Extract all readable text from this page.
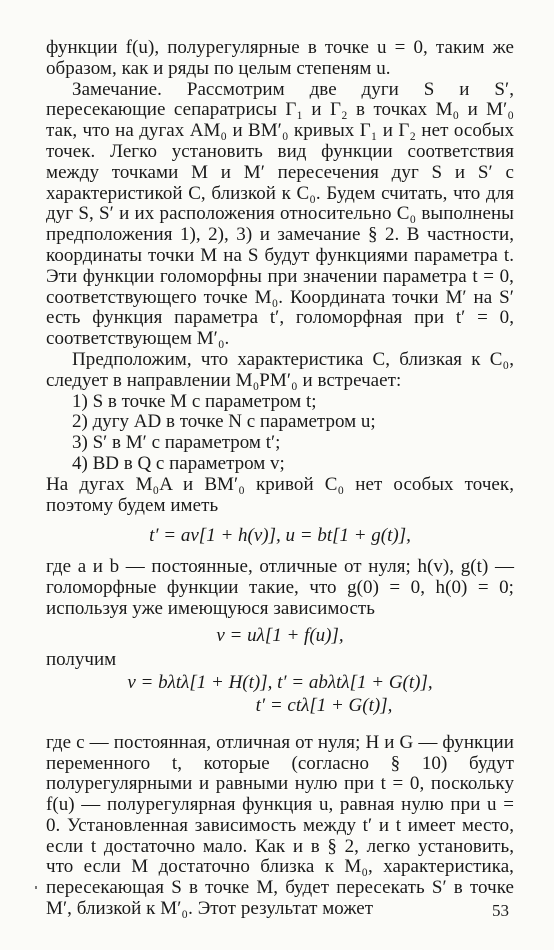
функции f(u), полурегулярные в точке u = 0, таким же образом, как и ряды по целым степеням u.

Замечание. Рассмотрим две дуги S и S′, пересекающие сепаратрисы Γ₁ и Γ₂ в точках M₀ и M′₀ так, что на дугах AM₀ и BM′₀ кривых Γ₁ и Γ₂ нет особых точек. Легко установить вид функции соответствия между точками M и M′ пересечения дуг S и S′ с характеристикой C, близкой к C₀. Будем считать, что для дуг S, S′ и их расположения относительно C₀ выполнены предположения 1), 2), 3) и замечание § 2. В частности, координаты точки M на S будут функциями параметра t. Эти функции голоморфны при значении параметра t = 0, соответствующего точке M₀. Координата точки M′ на S′ есть функция параметра t′, голоморфная при t′ = 0, соответствующем M′₀.

Предположим, что характеристика C, близкая к C₀, следует в направлении M₀PM′₀ и встречает:

1) S в точке M с параметром t;
2) дугу AD в точке N с параметром u;
3) S′ в M′ с параметром t′;
4) BD в Q с параметром v;

На дугах M₀A и BM′₀ кривой C₀ нет особых точек, поэтому будем иметь

t′ = av[1 + h(v)], u = bt[1 + g(t)],

где a и b — постоянные, отличные от нуля; h(v), g(t) — голоморфные функции такие, что g(0) = 0, h(0) = 0; используя уже имеющуюся зависимость

v = uλ[1 + f(u)],

получим

v = bλtλ[1 + H(t)], t′ = abλtλ[1 + G(t)],

t′ = ctλ[1 + G(t)],

где c — постоянная, отличная от нуля; H и G — функции переменного t, которые (согласно § 10) будут полурегулярными и равными нулю при t = 0, поскольку f(u) — полурегулярная функция u, равная нулю при u = 0. Установленная зависимость между t′ и t имеет место, если t достаточно мало. Как и в § 2, легко установить, что если M достаточно близка к M₀, характеристика, пересекающая S в точке M, будет пересекать S′ в точке M′, близкой к M′₀. Этот результат может	53
